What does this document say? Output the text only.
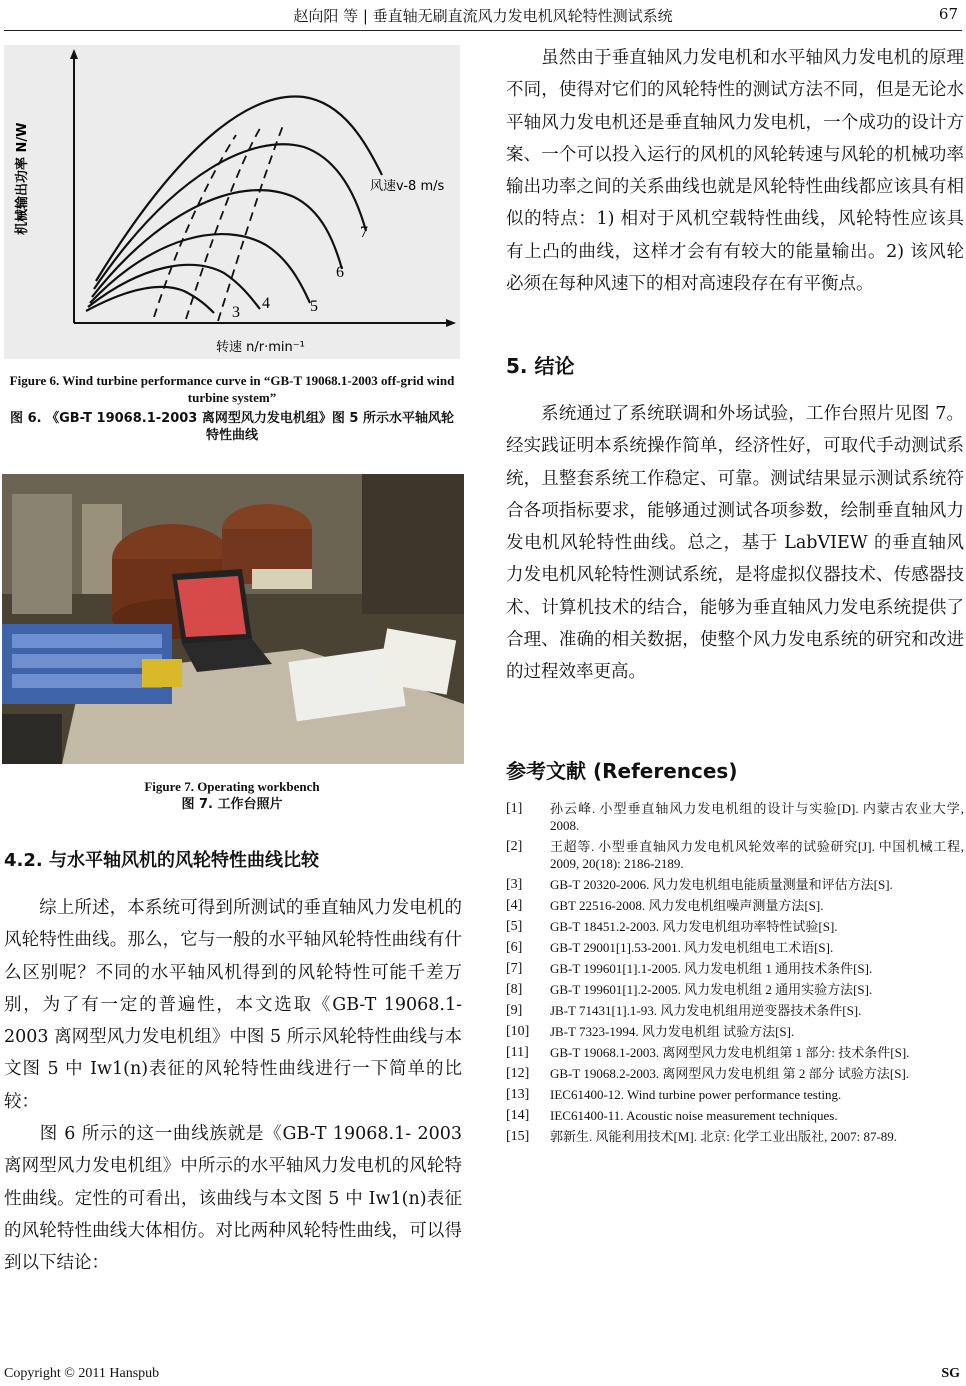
赵向阳 等 | 垂直轴无刷直流风力发电机风轮特性测试系统	67
3
4	5
6
7
风速v-8 m/s
机械输出功率 N/W
转速 n/r·min⁻¹
Figure 6. Wind turbine performance curve in “GB-T 19068.1-2003 off-grid wind turbine system”
图 6. 《GB-T 19068.1-2003 离网型风力发电机组》图 5 所示水平轴风轮特性曲线
Figure 7. Operating workbench
图 7. 工作台照片
4.2. 与水平轴风机的风轮特性曲线比较
综上所述，本系统可得到所测试的垂直轴风力发电机的风轮特性曲线。那么，它与一般的水平轴风轮特性曲线有什么区别呢？不同的水平轴风机得到的风轮特性可能千差万别，为了有一定的普遍性，本文选取《GB-T 19068.1-2003 离网型风力发电机组》中图 5 所示风轮特性曲线与本文图 5 中 Iw1(n)表征的风轮特性曲线进行一下简单的比较：
图 6 所示的这一曲线族就是《GB-T 19068.1- 2003 离网型风力发电机组》中所示的水平轴风力发电机的风轮特性曲线。定性的可看出，该曲线与本文图 5 中 Iw1(n)表征的风轮特性曲线大体相仿。对比两种风轮特性曲线，可以得到以下结论：
虽然由于垂直轴风力发电机和水平轴风力发电机的原理不同，使得对它们的风轮特性的测试方法不同，但是无论水平轴风力发电机还是垂直轴风力发电机，一个成功的设计方案、一个可以投入运行的风机的风轮转速与风轮的机械功率输出功率之间的关系曲线也就是风轮特性曲线都应该具有相似的特点：1) 相对于风机空载特性曲线，风轮特性应该具有上凸的曲线，这样才会有有较大的能量输出。2) 该风轮必须在每种风速下的相对高速段存在有平衡点。
5. 结论
系统通过了系统联调和外场试验，工作台照片见图 7。经实践证明本系统操作简单，经济性好，可取代手动测试系统，且整套系统工作稳定、可靠。测试结果显示测试系统符合各项指标要求，能够通过测试各项参数，绘制垂直轴风力发电机风轮特性曲线。总之，基于 LabVIEW 的垂直轴风力发电机风轮特性测试系统，是将虚拟仪器技术、传感器技术、计算机技术的结合，能够为垂直轴风力发电系统提供了合理、准确的相关数据，使整个风力发电系统的研究和改进的过程效率更高。
参考文献 (References)
[1] 孙云峰. 小型垂直轴风力发电机组的设计与实验[D]. 内蒙古农业大学, 2008.
[2] 王超等. 小型垂直轴风力发电机风轮效率的试验研究[J]. 中国机械工程, 2009, 20(18): 2186-2189.
[3] GB-T 20320-2006. 风力发电机组电能质量测量和评估方法[S].
[4] GBT 22516-2008. 风力发电机组噪声测量方法[S].
[5] GB-T 18451.2-2003. 风力发电机组功率特性试验[S].
[6] GB-T 29001[1].53-2001. 风力发电机组电工术语[S].
[7] GB-T 199601[1].1-2005. 风力发电机组 1 通用技术条件[S].
[8] GB-T 199601[1].2-2005. 风力发电机组 2 通用实验方法[S].
[9] JB-T 71431[1].1-93. 风力发电机组用逆变器技术条件[S].
[10] JB-T 7323-1994. 风力发电机组 试验方法[S].
[11] GB-T 19068.1-2003. 离网型风力发电机组第 1 部分: 技术条件[S].
[12] GB-T 19068.2-2003. 离网型风力发电机组 第 2 部分 试验方法[S].
[13] IEC61400-12. Wind turbine power performance testing.
[14] IEC61400-11. Acoustic noise measurement techniques.
[15] 郭新生. 风能利用技术[M]. 北京: 化学工业出版社, 2007: 87-89.
Copyright © 2011 Hanspub	SG
